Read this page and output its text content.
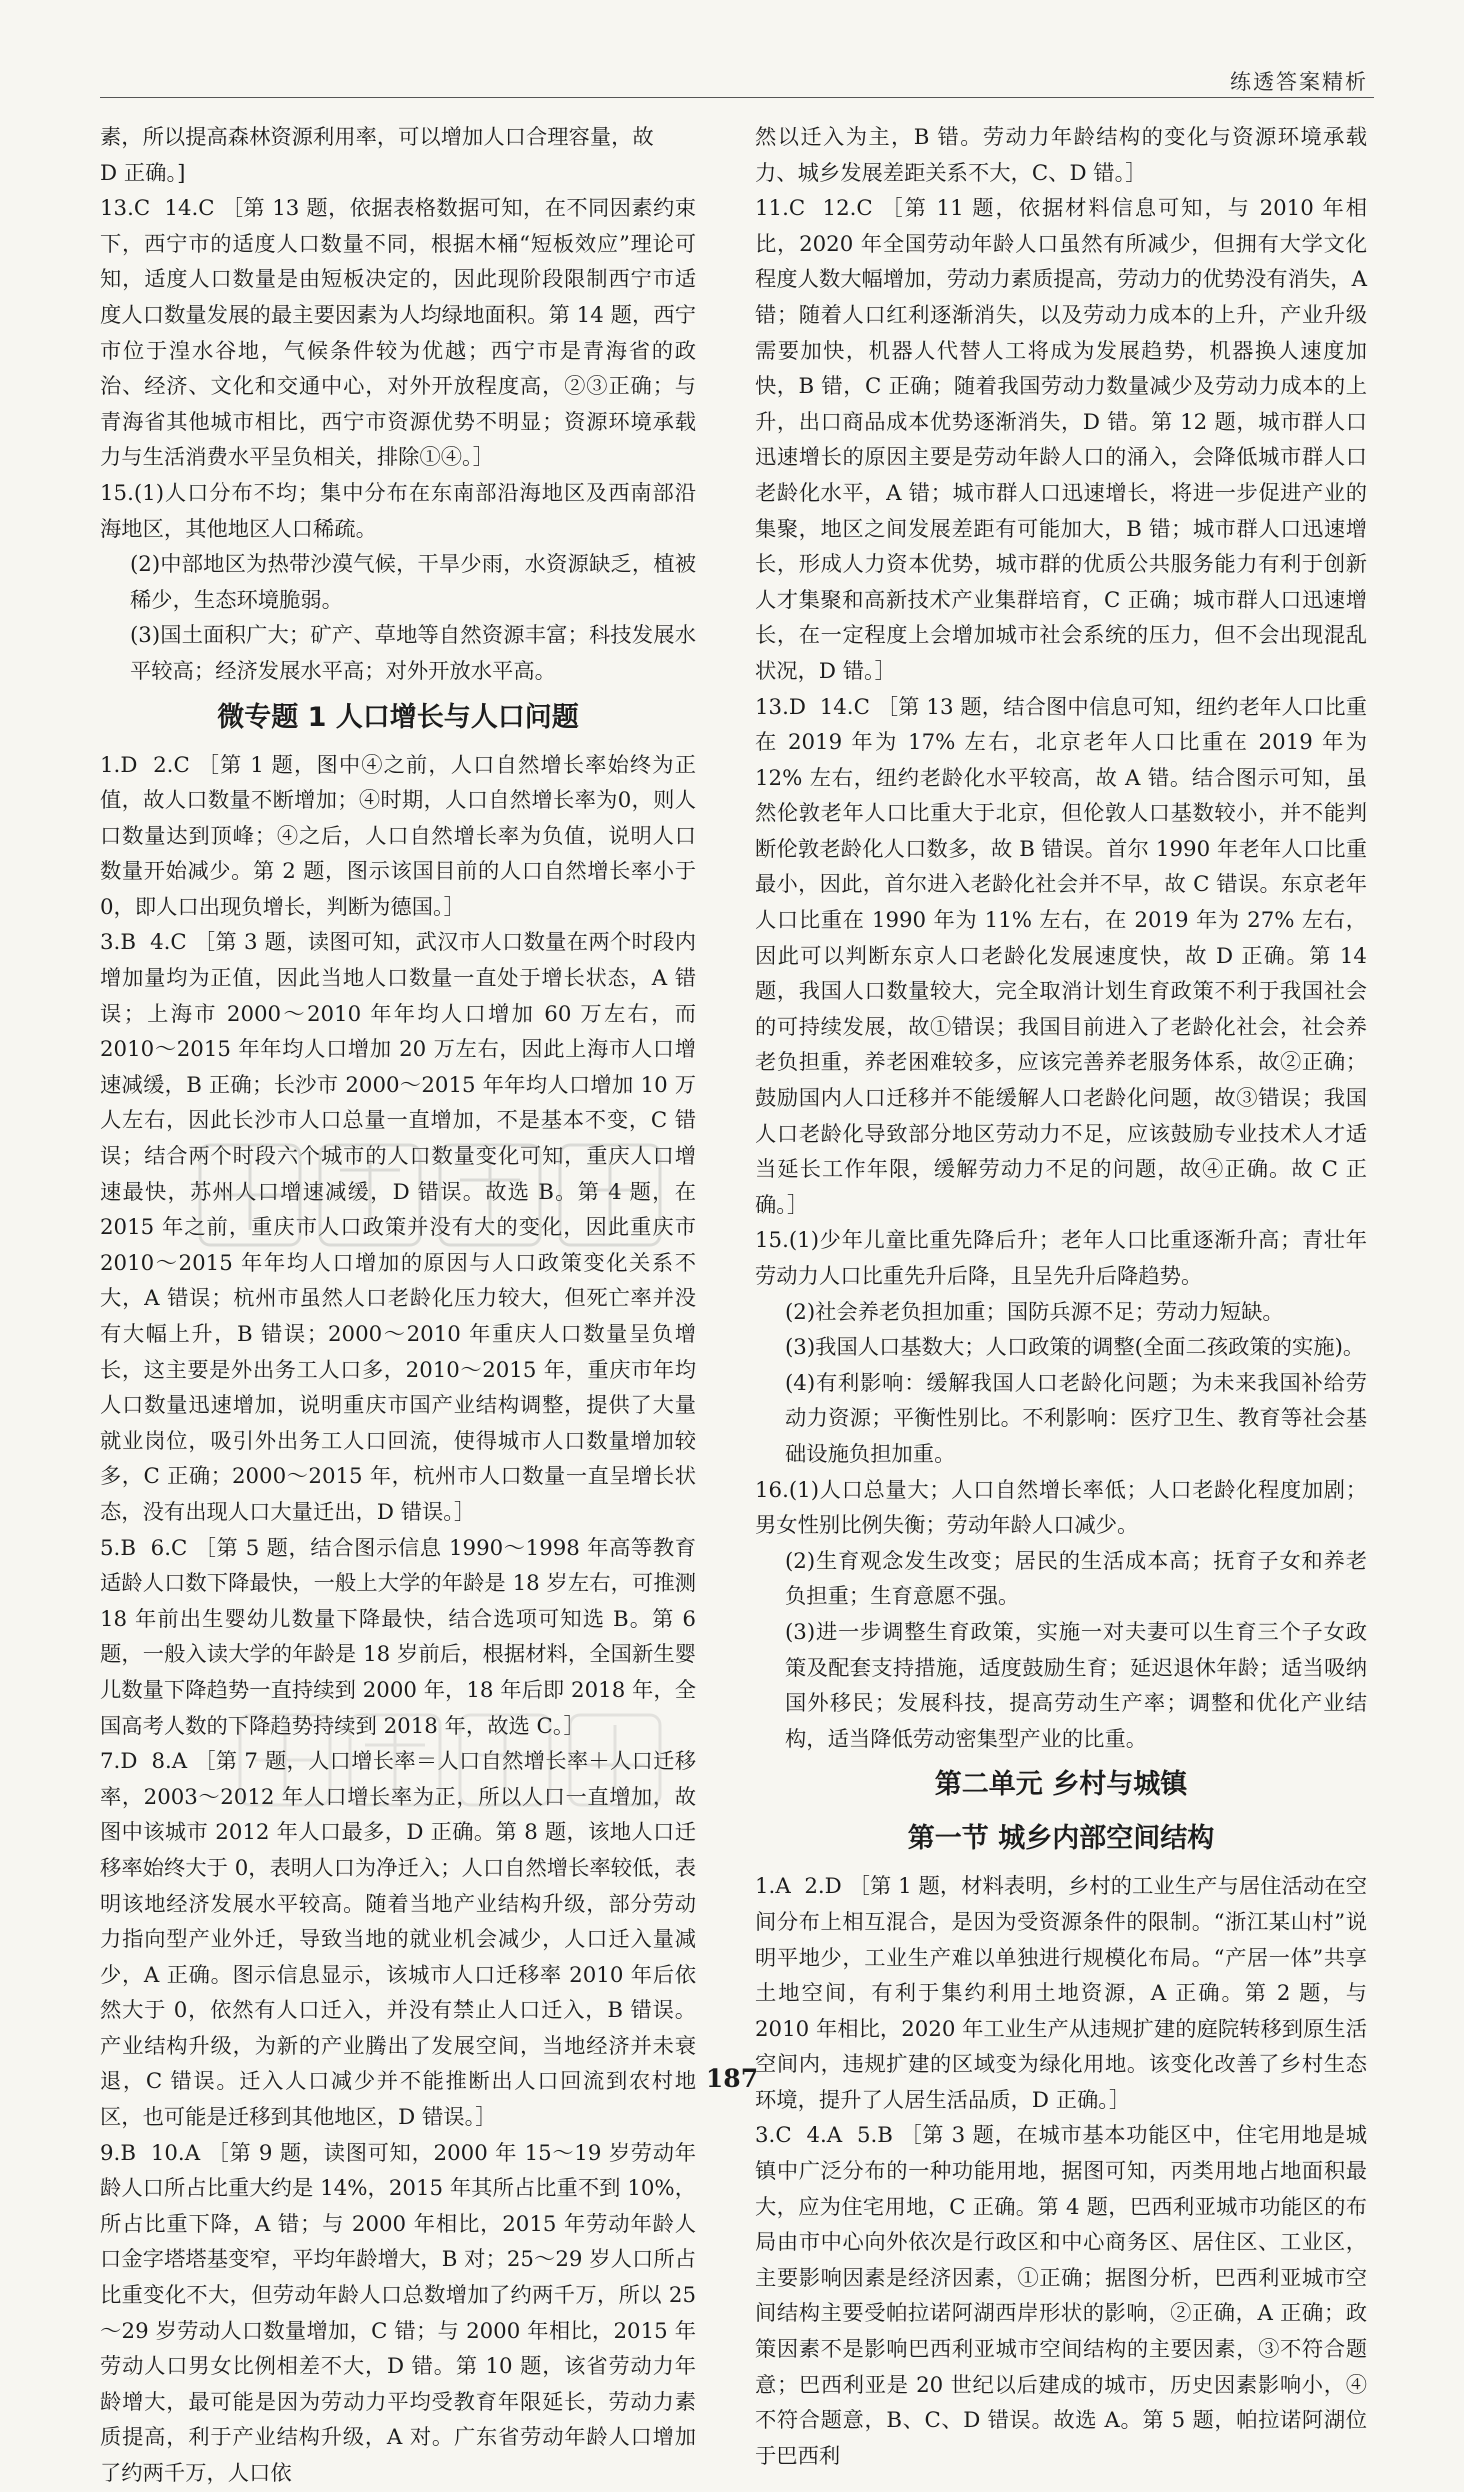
练透答案精析

素，所以提高森林资源利用率，可以增加人口合理容量，故
D 正确。]

13.C  14.C ［第 13 题，依据表格数据可知，在不同因素约束下，西宁市的适度人口数量不同，根据木桶“短板效应”理论可知，适度人口数量是由短板决定的，因此现阶段限制西宁市适度人口数量发展的最主要因素为人均绿地面积。第 14 题，西宁市位于湟水谷地，气候条件较为优越；西宁市是青海省的政治、经济、文化和交通中心，对外开放程度高，②③正确；与青海省其他城市相比，西宁市资源优势不明显；资源环境承载力与生活消费水平呈负相关，排除①④。］

15.(1)人口分布不均；集中分布在东南部沿海地区及西南部沿海地区，其他地区人口稀疏。

(2)中部地区为热带沙漠气候，干旱少雨，水资源缺乏，植被稀少，生态环境脆弱。

(3)国土面积广大；矿产、草地等自然资源丰富；科技发展水平较高；经济发展水平高；对外开放水平高。

微专题 1 人口增长与人口问题

1.D  2.C ［第 1 题，图中④之前，人口自然增长率始终为正值，故人口数量不断增加；④时期，人口自然增长率为0，则人口数量达到顶峰；④之后，人口自然增长率为负值，说明人口数量开始减少。第 2 题，图示该国目前的人口自然增长率小于 0，即人口出现负增长，判断为德国。］

3.B  4.C ［第 3 题，读图可知，武汉市人口数量在两个时段内增加量均为正值，因此当地人口数量一直处于增长状态，A 错误；上海市 2000～2010 年年均人口增加 60 万左右，而 2010～2015 年年均人口增加 20 万左右，因此上海市人口增速减缓，B 正确；长沙市 2000～2015 年年均人口增加 10 万人左右，因此长沙市人口总量一直增加，不是基本不变，C 错误；结合两个时段六个城市的人口数量变化可知，重庆人口增速最快，苏州人口增速减缓，D 错误。故选 B。第 4 题，在 2015 年之前，重庆市人口政策并没有大的变化，因此重庆市 2010～2015 年年均人口增加的原因与人口政策变化关系不大，A 错误；杭州市虽然人口老龄化压力较大，但死亡率并没有大幅上升，B 错误；2000～2010 年重庆人口数量呈负增长，这主要是外出务工人口多，2010～2015 年，重庆市年均人口数量迅速增加，说明重庆市国产业结构调整，提供了大量就业岗位，吸引外出务工人口回流，使得城市人口数量增加较多，C 正确；2000～2015 年，杭州市人口数量一直呈增长状态，没有出现人口大量迁出，D 错误。］

5.B  6.C ［第 5 题，结合图示信息 1990～1998 年高等教育适龄人口数下降最快，一般上大学的年龄是 18 岁左右，可推测 18 年前出生婴幼儿数量下降最快，结合选项可知选 B。第 6 题，一般入读大学的年龄是 18 岁前后，根据材料，全国新生婴儿数量下降趋势一直持续到 2000 年，18 年后即 2018 年，全国高考人数的下降趋势持续到 2018 年，故选 C。］

7.D  8.A ［第 7 题，人口增长率＝人口自然增长率＋人口迁移率，2003～2012 年人口增长率为正，所以人口一直增加，故图中该城市 2012 年人口最多，D 正确。第 8 题，该地人口迁移率始终大于 0，表明人口为净迁入；人口自然增长率较低，表明该地经济发展水平较高。随着当地产业结构升级，部分劳动力指向型产业外迁，导致当地的就业机会减少，人口迁入量减少，A 正确。图示信息显示，该城市人口迁移率 2010 年后依然大于 0，依然有人口迁入，并没有禁止人口迁入，B 错误。产业结构升级，为新的产业腾出了发展空间，当地经济并未衰退，C 错误。迁入人口减少并不能推断出人口回流到农村地区，也可能是迁移到其他地区，D 错误。］

9.B  10.A ［第 9 题，读图可知，2000 年 15～19 岁劳动年龄人口所占比重大约是 14%，2015 年其所占比重不到 10%，所占比重下降，A 错；与 2000 年相比，2015 年劳动年龄人口金字塔塔基变窄，平均年龄增大，B 对；25～29 岁人口所占比重变化不大，但劳动年龄人口总数增加了约两千万，所以 25～29 岁劳动人口数量增加，C 错；与 2000 年相比，2015 年劳动人口男女比例相差不大，D 错。第 10 题，该省劳动力年龄增大，最可能是因为劳动力平均受教育年限延长，劳动力素质提高，利于产业结构升级，A 对。广东省劳动年龄人口增加了约两千万，人口依

然以迁入为主，B 错。劳动力年龄结构的变化与资源环境承载力、城乡发展差距关系不大，C、D 错。］

11.C  12.C ［第 11 题，依据材料信息可知，与 2010 年相比，2020 年全国劳动年龄人口虽然有所减少，但拥有大学文化程度人数大幅增加，劳动力素质提高，劳动力的优势没有消失，A 错；随着人口红利逐渐消失，以及劳动力成本的上升，产业升级需要加快，机器人代替人工将成为发展趋势，机器换人速度加快，B 错，C 正确；随着我国劳动力数量减少及劳动力成本的上升，出口商品成本优势逐渐消失，D 错。第 12 题，城市群人口迅速增长的原因主要是劳动年龄人口的涌入，会降低城市群人口老龄化水平，A 错；城市群人口迅速增长，将进一步促进产业的集聚，地区之间发展差距有可能加大，B 错；城市群人口迅速增长，形成人力资本优势，城市群的优质公共服务能力有利于创新人才集聚和高新技术产业集群培育，C 正确；城市群人口迅速增长，在一定程度上会增加城市社会系统的压力，但不会出现混乱状况，D 错。］

13.D  14.C ［第 13 题，结合图中信息可知，纽约老年人口比重在 2019 年为 17% 左右，北京老年人口比重在 2019 年为 12% 左右，纽约老龄化水平较高，故 A 错。结合图示可知，虽然伦敦老年人口比重大于北京，但伦敦人口基数较小，并不能判断伦敦老龄化人口数多，故 B 错误。首尔 1990 年老年人口比重最小，因此，首尔进入老龄化社会并不早，故 C 错误。东京老年人口比重在 1990 年为 11% 左右，在 2019 年为 27% 左右，因此可以判断东京人口老龄化发展速度快，故 D 正确。第 14 题，我国人口数量较大，完全取消计划生育政策不利于我国社会的可持续发展，故①错误；我国目前进入了老龄化社会，社会养老负担重，养老困难较多，应该完善养老服务体系，故②正确；鼓励国内人口迁移并不能缓解人口老龄化问题，故③错误；我国人口老龄化导致部分地区劳动力不足，应该鼓励专业技术人才适当延长工作年限，缓解劳动力不足的问题，故④正确。故 C 正确。］

15.(1)少年儿童比重先降后升；老年人口比重逐渐升高；青壮年劳动力人口比重先升后降，且呈先升后降趋势。

(2)社会养老负担加重；国防兵源不足；劳动力短缺。

(3)我国人口基数大；人口政策的调整(全面二孩政策的实施)。

(4)有利影响：缓解我国人口老龄化问题；为未来我国补给劳动力资源；平衡性别比。不利影响：医疗卫生、教育等社会基础设施负担加重。

16.(1)人口总量大；人口自然增长率低；人口老龄化程度加剧；男女性别比例失衡；劳动年龄人口减少。

(2)生育观念发生改变；居民的生活成本高；抚育子女和养老负担重；生育意愿不强。

(3)进一步调整生育政策，实施一对夫妻可以生育三个子女政策及配套支持措施，适度鼓励生育；延迟退休年龄；适当吸纳国外移民；发展科技，提高劳动生产率；调整和优化产业结构，适当降低劳动密集型产业的比重。

第二单元 乡村与城镇
第一节 城乡内部空间结构

1.A  2.D ［第 1 题，材料表明，乡村的工业生产与居住活动在空间分布上相互混合，是因为受资源条件的限制。“浙江某山村”说明平地少，工业生产难以单独进行规模化布局。“产居一体”共享土地空间，有利于集约利用土地资源，A 正确。第 2 题，与 2010 年相比，2020 年工业生产从违规扩建的庭院转移到原生活空间内，违规扩建的区域变为绿化用地。该变化改善了乡村生态环境，提升了人居生活品质，D 正确。］

3.C  4.A  5.B ［第 3 题，在城市基本功能区中，住宅用地是城镇中广泛分布的一种功能用地，据图可知，丙类用地占地面积最大，应为住宅用地，C 正确。第 4 题，巴西利亚城市功能区的布局由市中心向外依次是行政区和中心商务区、居住区、工业区，主要影响因素是经济因素，①正确；据图分析，巴西利亚城市空间结构主要受帕拉诺阿湖西岸形状的影响，②正确，A 正确；政策因素不是影响巴西利亚城市空间结构的主要因素，③不符合题意；巴西利亚是 20 世纪以后建成的城市，历史因素影响小，④不符合题意，B、C、D 错误。故选 A。第 5 题，帕拉诺阿湖位于巴西利

187
